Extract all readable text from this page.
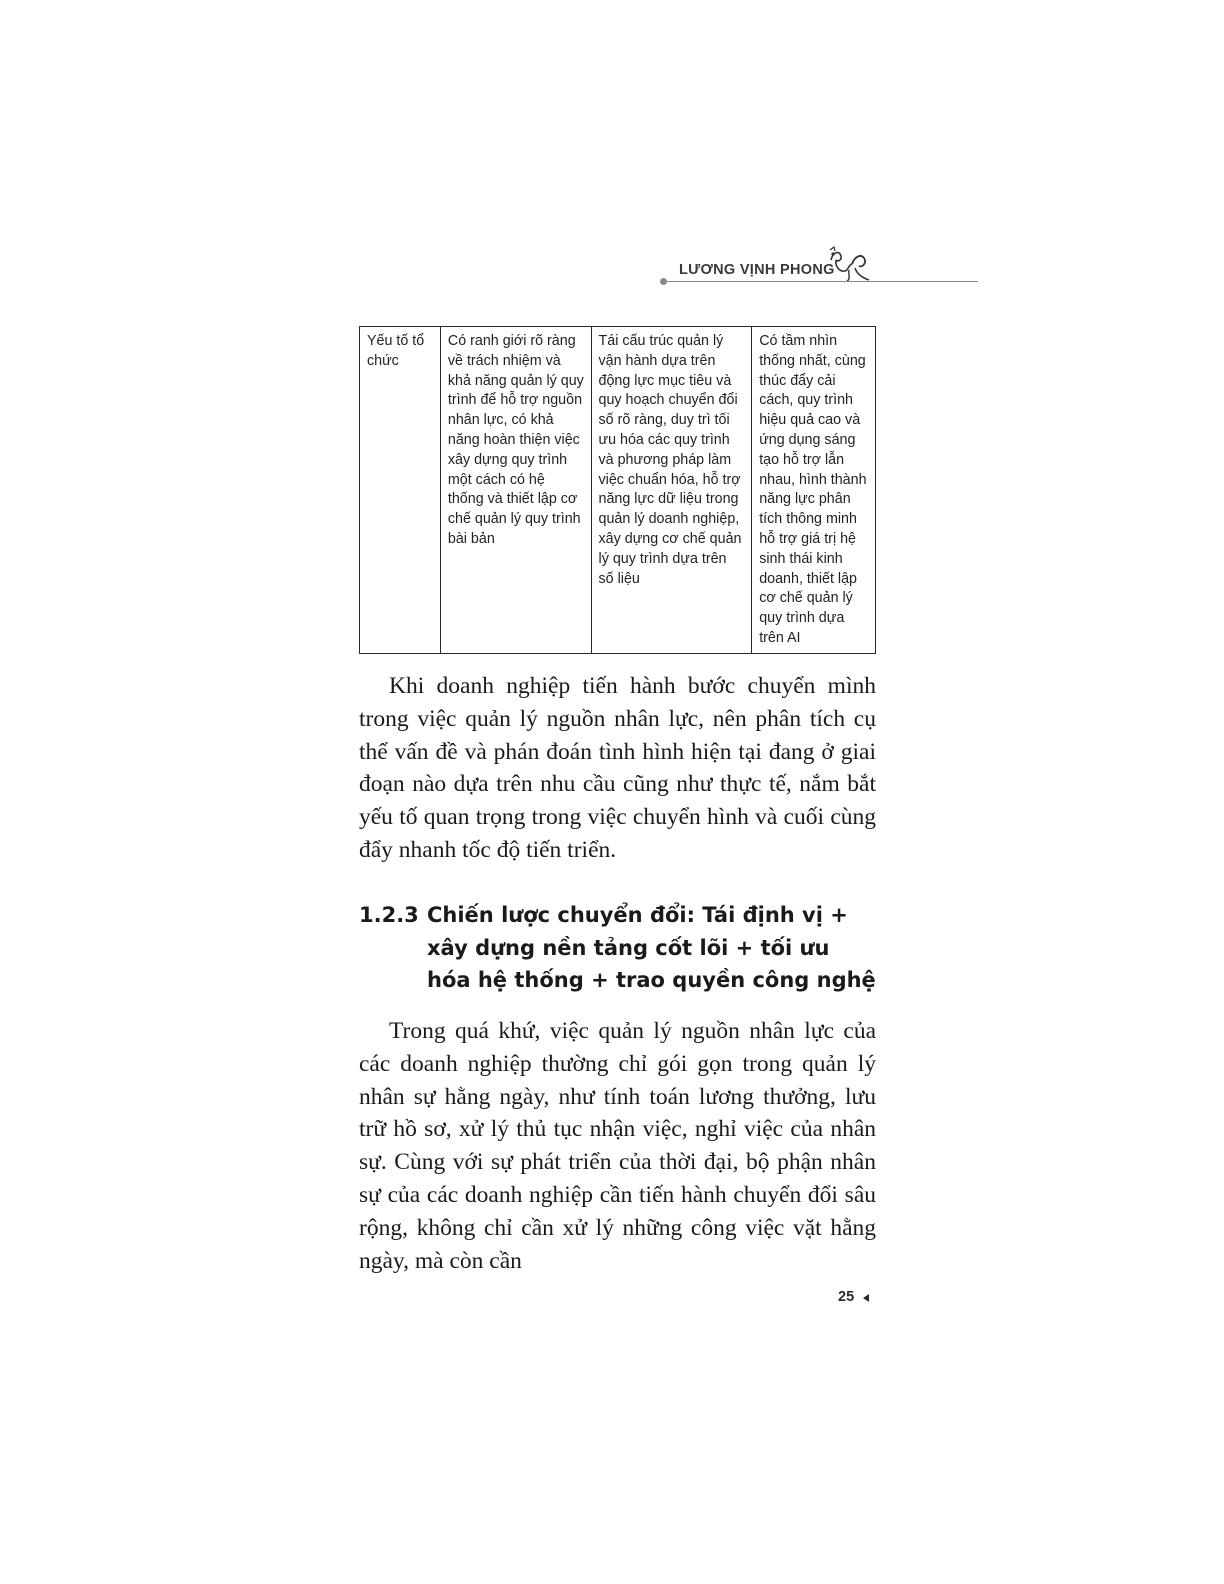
LƯƠNG VỊNH PHONG
Yếu tố tổ chức	Có ranh giới rõ ràng về trách nhiệm và khả năng quản lý quy trình để hỗ trợ nguồn nhân lực, có khả năng hoàn thiện việc xây dựng quy trình một cách có hệ thống và thiết lập cơ chế quản lý quy trình bài bản	Tái cấu trúc quản lý vận hành dựa trên động lực mục tiêu và quy hoạch chuyển đổi số rõ ràng, duy trì tối ưu hóa các quy trình và phương pháp làm việc chuẩn hóa, hỗ trợ năng lực dữ liệu trong quản lý doanh nghiệp, xây dựng cơ chế quản lý quy trình dựa trên số liệu	Có tầm nhìn thống nhất, cùng thúc đẩy cải cách, quy trình hiệu quả cao và ứng dụng sáng tạo hỗ trợ lẫn nhau, hình thành năng lực phân tích thông minh hỗ trợ giá trị hệ sinh thái kinh doanh, thiết lập cơ chế quản lý quy trình dựa trên AI

Khi doanh nghiệp tiến hành bước chuyển mình trong việc quản lý nguồn nhân lực, nên phân tích cụ thể vấn đề và phán đoán tình hình hiện tại đang ở giai đoạn nào dựa trên nhu cầu cũng như thực tế, nắm bắt yếu tố quan trọng trong việc chuyển hình và cuối cùng đẩy nhanh tốc độ tiến triển.

1.2.3 Chiến lược chuyển đổi: Tái định vị + xây dựng nền tảng cốt lõi + tối ưu hóa hệ thống + trao quyền công nghệ

Trong quá khứ, việc quản lý nguồn nhân lực của các doanh nghiệp thường chỉ gói gọn trong quản lý nhân sự hằng ngày, như tính toán lương thưởng, lưu trữ hồ sơ, xử lý thủ tục nhận việc, nghỉ việc của nhân sự. Cùng với sự phát triển của thời đại, bộ phận nhân sự của các doanh nghiệp cần tiến hành chuyển đổi sâu rộng, không chỉ cần xử lý những công việc vặt hằng ngày, mà còn cần

25
